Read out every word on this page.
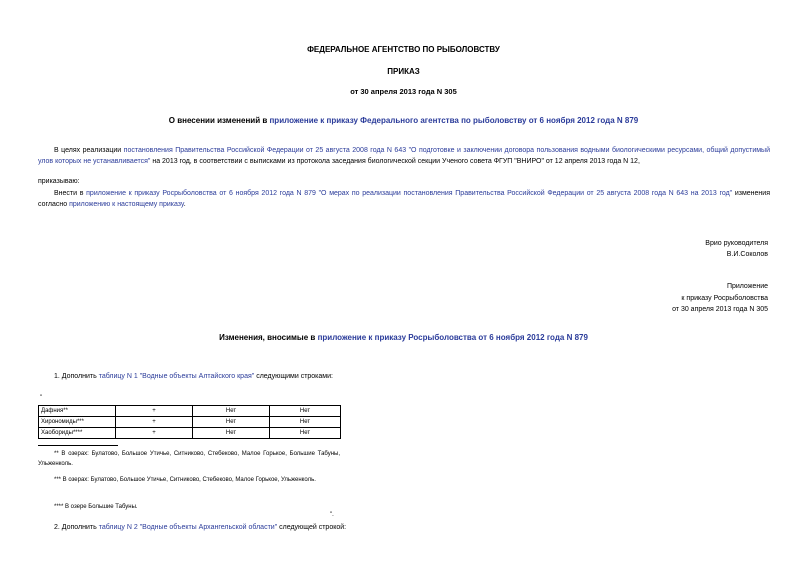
ФЕДЕРАЛЬНОЕ АГЕНТСТВО ПО РЫБОЛОВСТВУ
ПРИКАЗ
от 30 апреля 2013 года N 305
О внесении изменений в приложение к приказу Федерального агентства по рыболовству от 6 ноября 2012 года N 879
В целях реализации постановления Правительства Российской Федерации от 25 августа 2008 года N 643 "О подготовке и заключении договора пользования водными биологическими ресурсами, общий допустимый улов которых не устанавливается" на 2013 год, в соответствии с выписками из протокола заседания биологической секции Ученого совета ФГУП "ВНИРО" от 12 апреля 2013 года N 12,
приказываю:
Внести в приложение к приказу Росрыболовства от 6 ноября 2012 года N 879 "О мерах по реализации постановления Правительства Российской Федерации от 25 августа 2008 года N 643 на 2013 год" изменения согласно приложению к настоящему приказу.
Врио руководителя
В.И.Соколов
Приложение
к приказу Росрыболовства
от 30 апреля 2013 года N 305
Изменения, вносимые в приложение к приказу Росрыболовства от 6 ноября 2012 года N 879
1. Дополнить таблицу N 1 "Водные объекты Алтайского края" следующими строками:
"
Дафния**	+	Нет	Нет
Хирономиды***	+	Нет	Нет
Хаобориды****	+	Нет	Нет
** В озерах: Булатово, Большое Утичье, Ситниково, Стебеково, Малое Горькое, Большие Табуны, Ульженколь.
*** В озерах: Булатово, Большое Утичье, Ситниково, Стебеково, Малое Горькое, Ульженколь.
**** В озере Большие Табуны.
".
2. Дополнить таблицу N 2 "Водные объекты Архангельской области" следующей строкой:
